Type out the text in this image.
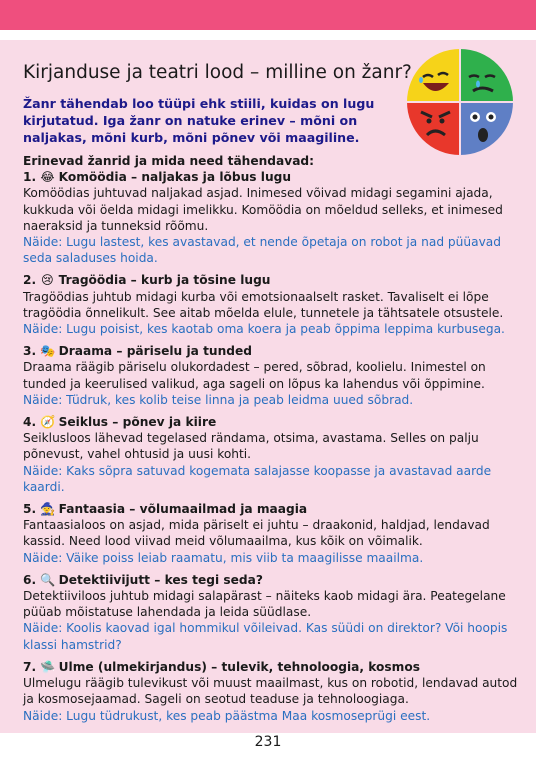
Kirjanduse ja teatri lood – milline on žanr?
Žanr tähendab loo tüüpi ehk stiili, kuidas on lugu kirjutatud. Iga žanr on natuke erinev – mõni on naljakas, mõni kurb, mõni põnev või maagiline.
Erinevad žanrid ja mida need tähendavad:
1. 😂 Komöödia – naljakas ja lõbus lugu
Komöödias juhtuvad naljakad asjad. Inimesed võivad midagi segamini ajada, kukkuda või öelda midagi imelikku. Komöödia on mõeldud selleks, et inimesed naeraksid ja tunneksid rõõmu.
Näide: Lugu lastest, kes avastavad, et nende õpetaja on robot ja nad püüavad seda saladuses hoida.
2. 😢 Tragöödia – kurb ja tõsine lugu
Tragöödias juhtub midagi kurba või emotsionaalselt rasket. Tavaliselt ei lõpe tragöödia õnnelikult. See aitab mõelda elule, tunnetele ja tähtsatele otsustele.
Näide: Lugu poisist, kes kaotab oma koera ja peab õppima leppima kurbusega.
3. 🎭 Draama – päriselu ja tunded
Draama räägib päriselu olukordadest – pered, sõbrad, koolielu. Inimestel on tunded ja keerulised valikud, aga sageli on lõpus ka lahendus või õppimine.
Näide: Tüdruk, kes kolib teise linna ja peab leidma uued sõbrad.
4. 🧭 Seiklus – põnev ja kiire
Seiklusloos lähevad tegelased rändama, otsima, avastama. Selles on palju põnevust, vahel ohtusid ja uusi kohti.
Näide: Kaks sõpra satuvad kogemata salajasse koopasse ja avastavad aarde kaardi.
5. 🧙 Fantaasia – võlumaailmad ja maagia
Fantaasialoos on asjad, mida päriselt ei juhtu – draakonid, haldjad, lendavad kassid. Need lood viivad meid võlumaailma, kus kõik on võimalik.
Näide: Väike poiss leiab raamatu, mis viib ta maagilisse maailma.
6. 🔍 Detektiivijutt – kes tegi seda?
Detektiiviloos juhtub midagi salapärast – näiteks kaob midagi ära. Peategelane püüab mõistatuse lahendada ja leida süüdlase.
Näide: Koolis kaovad igal hommikul võileivad. Kas süüdi on direktor? Või hoopis klassi hamstrid?
7. 🛸 Ulme (ulmekirjandus) – tulevik, tehnoloogia, kosmos
Ulmelugu räägib tulevikust või muust maailmast, kus on robotid, lendavad autod ja kosmosejaamad. Sageli on seotud teaduse ja tehnoloogiaga.
Näide: Lugu tüdrukust, kes peab päästma Maa kosmoseprügi eest.
231
